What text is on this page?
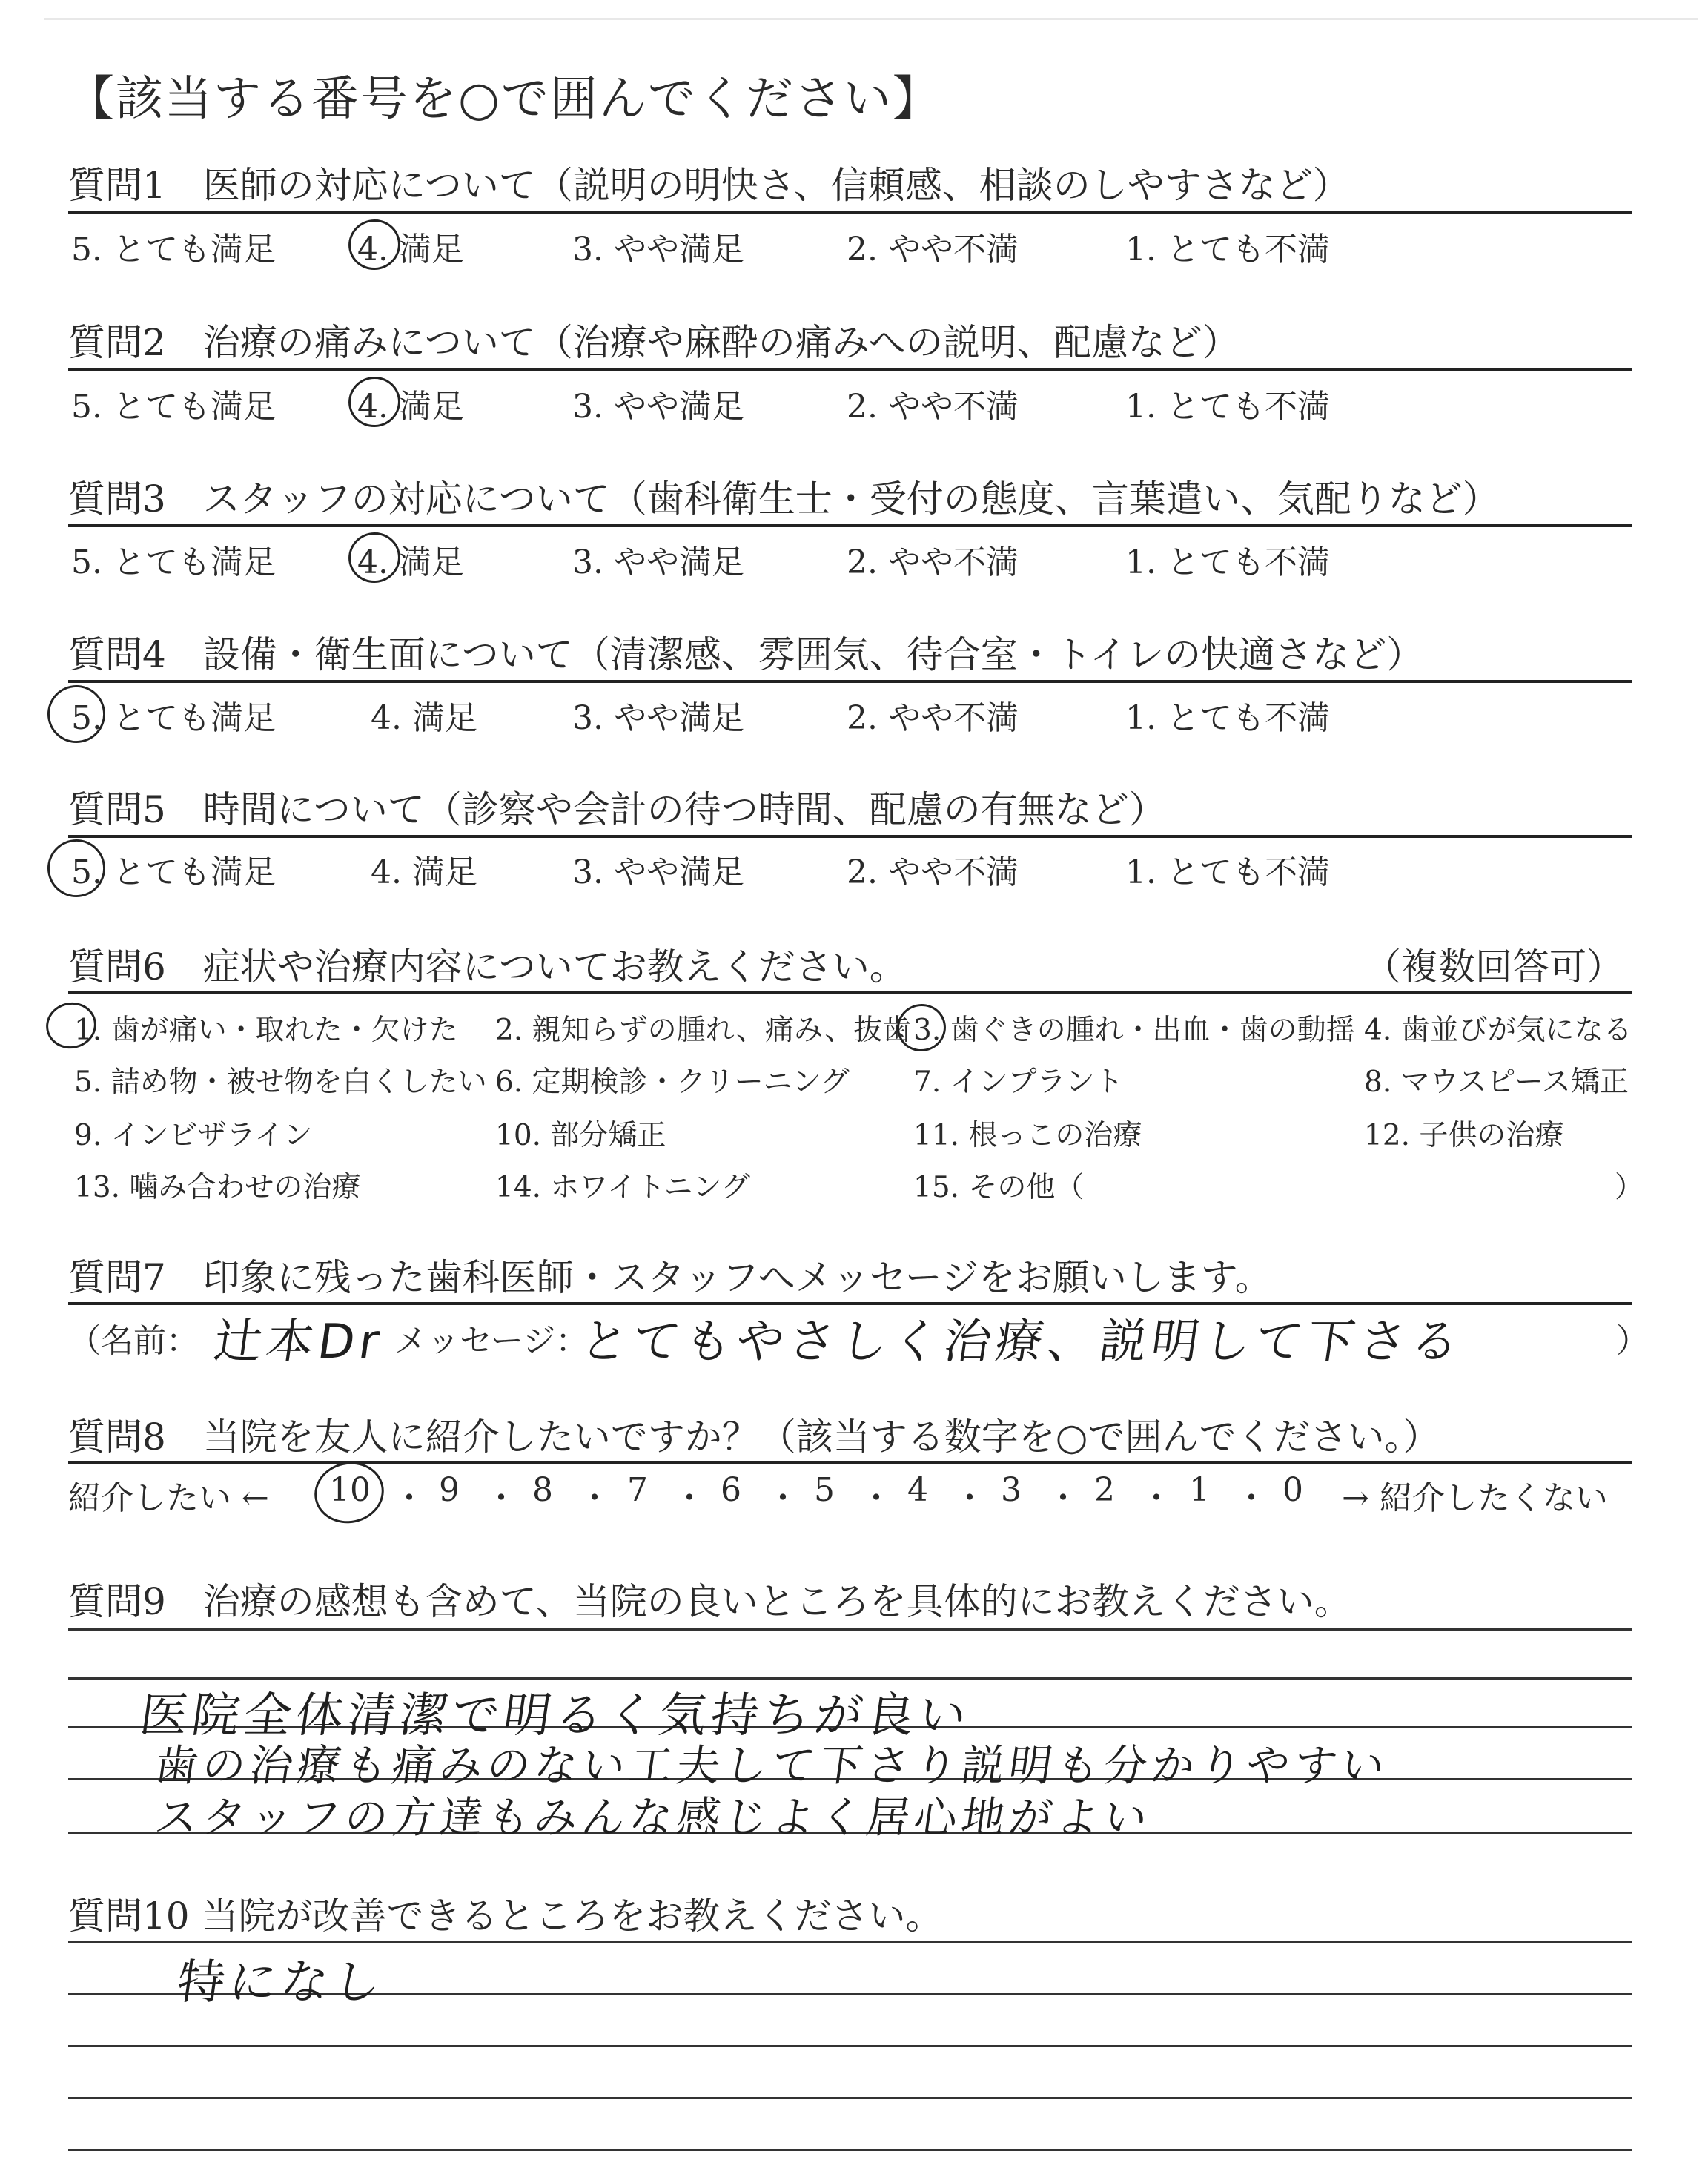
【該当する番号を○で囲んでください】
質問1　医師の対応について（説明の明快さ、信頼感、相談のしやすさなど）
5. とても満足	4. 満足	3. やや満足	2. やや不満	1. とても不満
質問2　治療の痛みについて（治療や麻酔の痛みへの説明、配慮など）
5. とても満足	4. 満足	3. やや満足	2. やや不満	1. とても不満
質問3　スタッフの対応について（歯科衛生士・受付の態度、言葉遣い、気配りなど）
5. とても満足	4. 満足	3. やや満足	2. やや不満	1. とても不満
質問4　設備・衛生面について（清潔感、雰囲気、待合室・トイレの快適さなど）
5. とても満足	4. 満足	3. やや満足	2. やや不満	1. とても不満
質問5　時間について（診察や会計の待つ時間、配慮の有無など）
5. とても満足	4. 満足	3. やや満足	2. やや不満	1. とても不満
質問6　症状や治療内容についてお教えください。	（複数回答可）
1. 歯が痛い・取れた・欠けた 2. 親知らずの腫れ、痛み、抜歯 3. 歯ぐきの腫れ・出血・歯の動揺 4. 歯並びが気になる
5. 詰め物・被せ物を白くしたい 6. 定期検診・クリーニング 7. インプラント	8. マウスピース矯正
9. インビザライン	10. 部分矯正	11. 根っこの治療	12. 子供の治療
13. 噛み合わせの治療	14. ホワイトニング	15. その他（	）
質問7　印象に残った歯科医師・スタッフへメッセージをお願いします。
（名前： 辻本Dr メッセージ：
とてもやさしく治療、説明して下さる	）
質問8　当院を友人に紹介したいですか？（該当する数字を○で囲んでください。）
紹介したい ← 10 ・ 9 ・ 8 ・ 7 ・ 6 ・ 5 ・ 4 ・ 3 ・ 2 ・ 1 ・ 0 → 紹介したくない
質問9　治療の感想も含めて、当院の良いところを具体的にお教えください。
医院全体清潔で明るく気持ちが良い
歯の治療も痛みのない工夫して下さり説明も分かりやすい
スタッフの方達もみんな感じよく居心地がよい
質問10 当院が改善できるところをお教えください。
特になし
